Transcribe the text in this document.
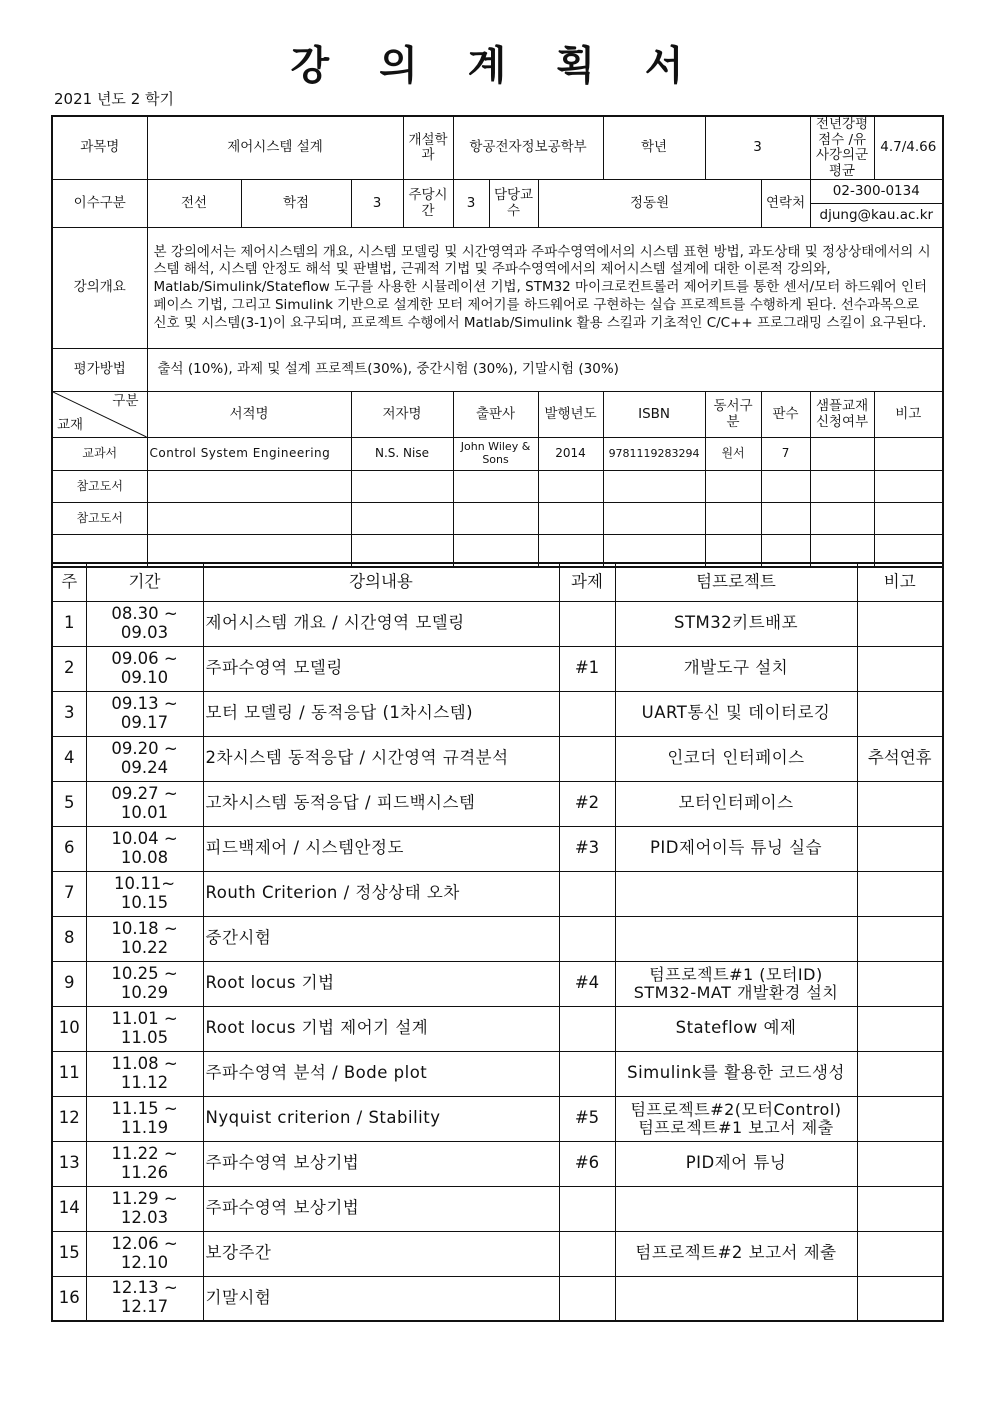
강 의 계 획 서
2021 년도 2 학기
과목명	제어시스템 설계			개설학과	항공전자정보공학부			학년	3		전년강평점수 /유사강의군평균	4.7/4.66
이수구분	전선	학점	3	주당시간	3	담당교수	정동원			연락처	02-300-0134	
											djung@kau.ac.kr	
강의개요	본 강의에서는 제어시스템의 개요, 시스템 모델링 및 시간영역과 주파수영역에서의 시스템 표현 방법, 과도상태 및 정상상태에서의 시스템 해석, 시스템 안정도 해석 및 판별법, 근궤적 기법 및 주파수영역에서의 제어시스템 설계에 대한 이론적 강의와, Matlab/Simulink/Stateflow 도구를 사용한 시뮬레이션 기법, STM32 마이크로컨트롤러 제어키트를 통한 센서/모터 하드웨어 인터페이스 기법, 그리고 Simulink 기반으로 설계한 모터 제어기를 하드웨어로 구현하는 실습 프로젝트를 수행하게 된다. 선수과목으로 신호 및 시스템(3-1)이 요구되며, 프로젝트 수행에서 Matlab/Simulink 활용 스킬과 기초적인 C/C++ 프로그래밍 스킬이 요구된다.											
평가방법	출석 (10%), 과제 및 설계 프로젝트(30%), 중간시험 (30%), 기말시험 (30%)											

구분
교재	서적명		저자명		출판사		발행년도	ISBN	동서구분	판수	샘플교재신청여부	비고
교과서	Control System Engineering		N.S. Nise		John Wiley & Sons		2014	9781119283294	원서	7		
참고도서												
참고도서												

주	기간	강의내용	과제	텀프로젝트	비고
1	08.30 ~ 09.03	제어시스템 개요 / 시간영역 모델링		STM32키트배포	
2	09.06 ~ 09.10	주파수영역 모델링	#1	개발도구 설치	
3	09.13 ~ 09.17	모터 모델링 / 동적응답 (1차시스템)		UART통신 및 데이터로깅	
4	09.20 ~ 09.24	2차시스템 동적응답 / 시간영역 규격분석		인코더 인터페이스	추석연휴
5	09.27 ~ 10.01	고차시스템 동적응답 / 피드백시스템	#2	모터인터페이스	
6	10.04 ~ 10.08	피드백제어 / 시스템안정도	#3	PID제어이득 튜닝 실습	
7	10.11~ 10.15	Routh Criterion / 정상상태 오차			
8	10.18 ~ 10.22	중간시험			
9	10.25 ~ 10.29	Root locus 기법	#4	텀프로젝트#1 (모터ID)
STM32-MAT 개발환경 설치	

10	11.01 ~ 11.05	Root locus 기법 제어기 설계		Stateflow 예제	
11	11.08 ~ 11.12	주파수영역 분석 / Bode plot		Simulink를 활용한 코드생성	
12	11.15 ~ 11.19	Nyquist criterion / Stability	#5	텀프로젝트#2(모터Control)
텀프로젝트#1 보고서 제출	

13	11.22 ~ 11.26	주파수영역 보상기법	#6	PID제어 튜닝	
14	11.29 ~ 12.03	주파수영역 보상기법			
15	12.06 ~ 12.10	보강주간		텀프로젝트#2 보고서 제출	
16	12.13 ~ 12.17	기말시험			
